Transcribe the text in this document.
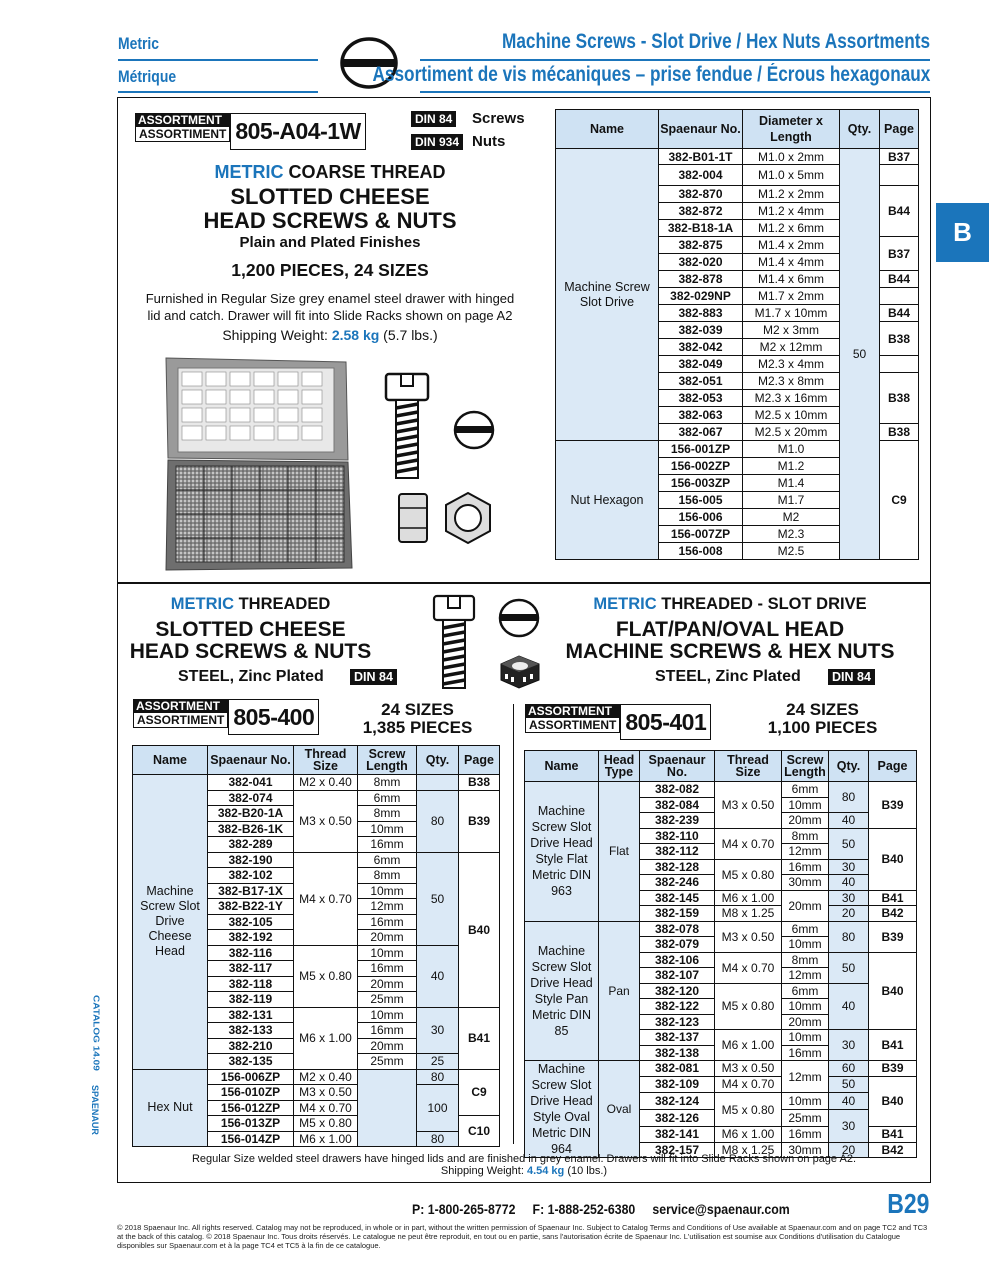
Metric
Métrique
Machine Screws - Slot Drive / Hex Nuts Assortments
Assortiment de vis mécaniques – prise fendue / Écrous hexagonaux
B
ASSORTMENT
ASSORTIMENT 805-A04-1W	DIN 84 Screws
DIN 934 Nuts
METRIC COARSE THREAD
SLOTTED CHEESE
HEAD SCREWS & NUTS
Plain and Plated Finishes
1,200 PIECES, 24 SIZES
Furnished in Regular Size grey enamel steel drawer with hinged
lid and catch. Drawer will fit into Slide Racks shown on page A2
Shipping Weight: 2.58 kg (5.7 lbs.)
Name	Spaenaur No.	Diameter x Length	Qty.	Page
Machine Screw Slot Drive	382-B01-1T	M1.0 x 2mm	50	B37
	382-004	M1.0 x 5mm		
	382-870	M1.2 x 2mm		B44
	382-872	M1.2 x 4mm		
	382-B18-1A	M1.2 x 6mm		
	382-875	M1.4 x 2mm		B37
	382-020	M1.4 x 4mm		
	382-878	M1.4 x 6mm		B44
	382-029NP	M1.7 x 2mm		
	382-883	M1.7 x 10mm		B44
	382-039	M2 x 3mm		B38
	382-042	M2 x 12mm		
	382-049	M2.3 x 4mm		
	382-051	M2.3 x 8mm		B38
	382-053	M2.3 x 16mm		
	382-063	M2.5 x 10mm		
	382-067	M2.5 x 20mm		B38
Nut Hexagon	156-001ZP	M1.0		C9
	156-002ZP	M1.2		
	156-003ZP	M1.4		
	156-005	M1.7		
	156-006	M2		
	156-007ZP	M2.3		
	156-008	M2.5		
METRIC THREADED
SLOTTED CHEESE
HEAD SCREWS & NUTS
STEEL, Zinc Plated	DIN 84
ASSORTMENT
ASSORTIMENT 805-400	24 SIZES
1,385 PIECES
Name	Spaenaur No.	Thread Size	Screw Length	Qty.	Page
Machine Screw Slot Drive Cheese Head	382-041	M2 x 0.40	8mm		B38
	382-074	M3 x 0.50	6mm	80	B39
	382-B20-1A		8mm		
	382-B26-1K		10mm		
	382-289		16mm		
	382-190	M4 x 0.70	6mm	50	B40
	382-102		8mm		
	382-B17-1X		10mm		
	382-B22-1Y		12mm		
	382-105		16mm		
	382-192		20mm		
	382-116	M5 x 0.80	10mm	40	
	382-117		16mm		
	382-118		20mm		
	382-119		25mm		
	382-131	M6 x 1.00	10mm	30	B41
	382-133		16mm		
	382-210		20mm		
	382-135		25mm	25	
Hex Nut	156-006ZP	M2 x 0.40		80	C9
	156-010ZP	M3 x 0.50		100	
	156-012ZP	M4 x 0.70			
	156-013ZP	M5 x 0.80			C10
	156-014ZP	M6 x 1.00		80	
METRIC THREADED - SLOT DRIVE
FLAT/PAN/OVAL HEAD
MACHINE SCREWS & HEX NUTS
STEEL, Zinc Plated	DIN 84
ASSORTMENT
ASSORTIMENT 805-401	24 SIZES
1,100 PIECES
Name	Head Type	Spaenaur No.	Thread Size	Screw Length	Qty.	Page
Machine Screw Slot Drive Head Style Flat Metric DIN 963	Flat	382-082	M3 x 0.50	6mm	80	B39
		382-084		10mm		
		382-239		20mm	40	
		382-110	M4 x 0.70	8mm	50	B40
		382-112		12mm		
		382-128	M5 x 0.80	16mm	30	
		382-246		30mm	40	
		382-145	M6 x 1.00	20mm	30	B41
		382-159	M8 x 1.25		20	B42
Machine Screw Slot Drive Head Style Pan Metric DIN 85	Pan	382-078	M3 x 0.50	6mm	80	B39
		382-079		10mm		
		382-106	M4 x 0.70	8mm	50	B40
		382-107		12mm		
		382-120	M5 x 0.80	6mm	40	
		382-122		10mm		
		382-123		20mm		
		382-137	M6 x 1.00	10mm	30	B41
		382-138		16mm		
Machine Screw Slot Drive Head Style Oval Metric DIN 964	Oval	382-081	M3 x 0.50	12mm	60	B39
		382-109	M4 x 0.70		50	B40
		382-124	M5 x 0.80	10mm	40	
		382-126		25mm	30	
		382-141	M6 x 1.00	16mm		B41
		382-157	M8 x 1.25	30mm	20	B42
Regular Size welded steel drawers have hinged lids and are finished in grey enamel. Drawers will fit into Slide Racks shown on page A2.
Shipping Weight: 4.54 kg (10 lbs.)
CATALOG 14.09
SPAENAUR
P: 1-800-265-8772 F: 1-888-252-6380 service@spaenaur.com	B29
© 2018 Spaenaur Inc. All rights reserved. Catalog may not be reproduced, in whole or in part, without the written permission of Spaenaur Inc. Subject to Catalog Terms and Conditions of Use available at Spaenaur.com and on page TC2 and TC3 at the back of this catalog. © 2018 Spaenaur Inc. Tous droits réservés. Le catalogue ne peut être reproduit, en tout ou en partie, sans l'autorisation écrite de Spaenaur Inc. L'utilisation est soumise aux Conditions d'utilisation du Catalogue disponibles sur Spaenaur.com et à la page TC4 et TC5 à la fin de ce catalogue.
